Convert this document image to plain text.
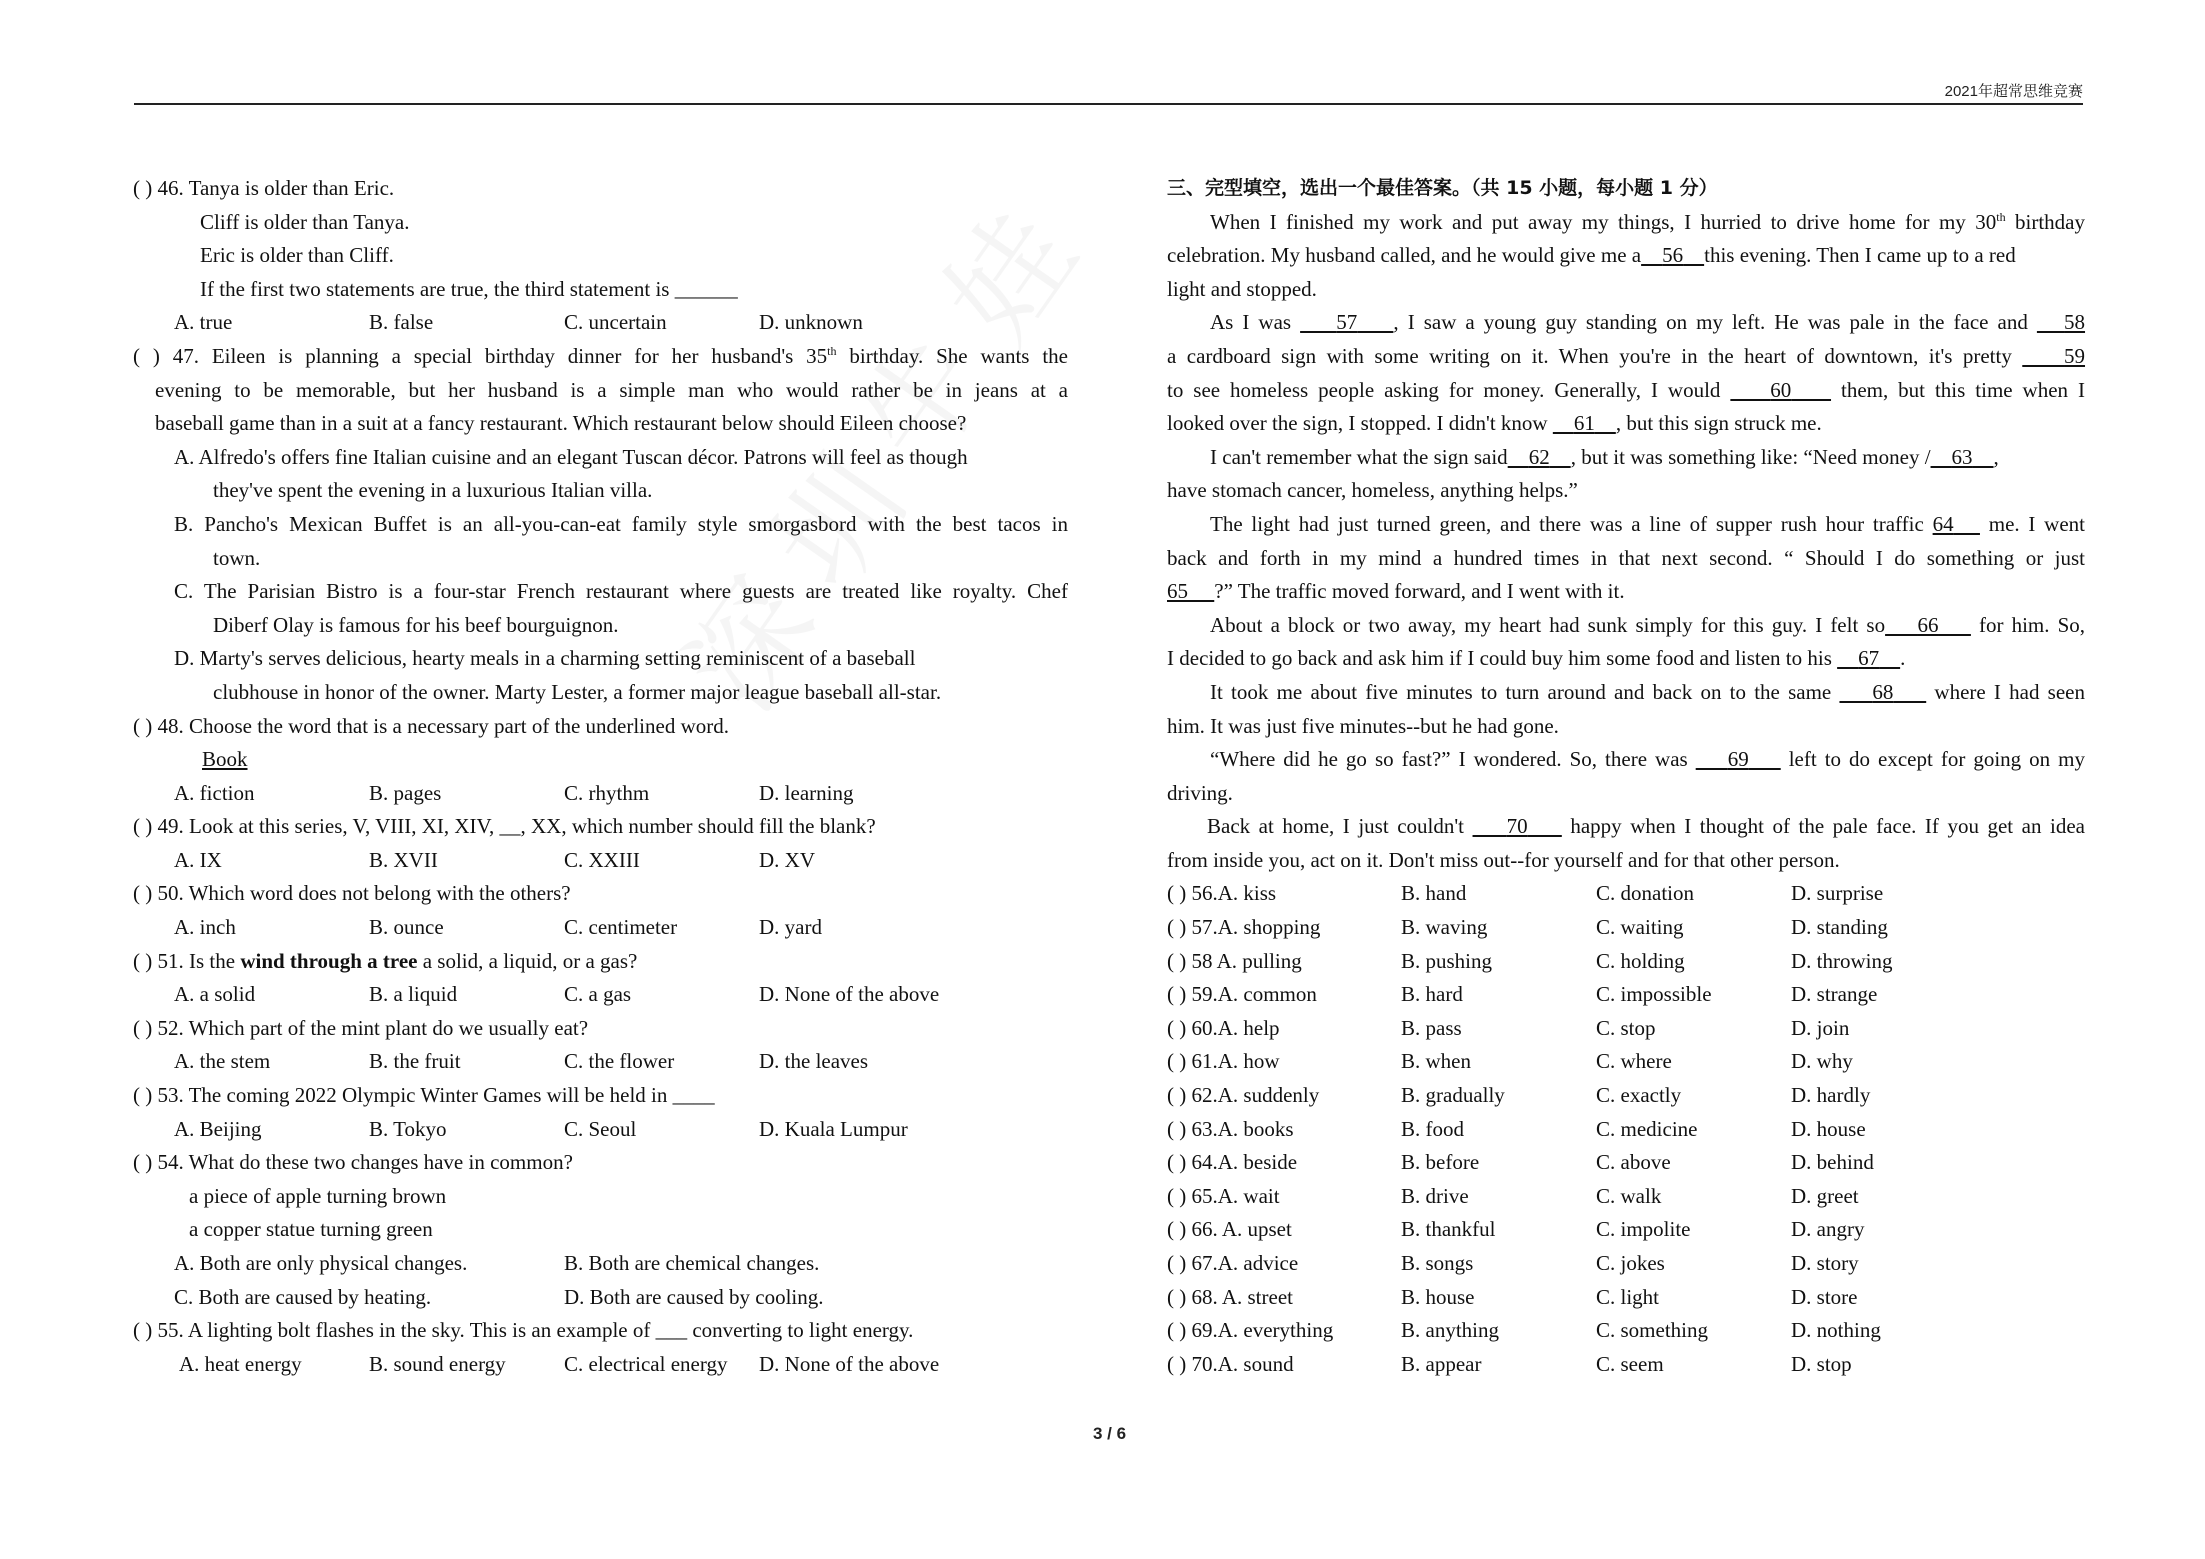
2021年超常思维竞赛
( ) 46. Tanya is older than Eric.
Cliff is older than Tanya.
Eric is older than Cliff.
If the first two statements are true, the third statement is ______
A. true	B. false	C. uncertain	D. unknown
( ) 47. Eileen is planning a special birthday dinner for her husband's 35th birthday. She wants the
evening to be memorable, but her husband is a simple man who would rather be in jeans at a
baseball game than in a suit at a fancy restaurant. Which restaurant below should Eileen choose?
A. Alfredo's offers fine Italian cuisine and an elegant Tuscan décor. Patrons will feel as though
they've spent the evening in a luxurious Italian villa.
B. Pancho's Mexican Buffet is an all-you-can-eat family style smorgasbord with the best tacos in
town.
C. The Parisian Bistro is a four-star French restaurant where guests are treated like royalty. Chef
Diberf Olay is famous for his beef bourguignon.
D. Marty's serves delicious, hearty meals in a charming setting reminiscent of a baseball
clubhouse in honor of the owner. Marty Lester, a former major league baseball all-star.
( ) 48. Choose the word that is a necessary part of the underlined word.
Book
A. fiction	B. pages	C. rhythm	D. learning
( ) 49. Look at this series, V, VIII, XI, XIV, __, XX, which number should fill the blank?
A. IX	B. XVII	C. XXIII	D. XV
( ) 50. Which word does not belong with the others?
A. inch	B. ounce	C. centimeter	D. yard
( ) 51. Is the wind through a tree a solid, a liquid, or a gas?
A. a solid	B. a liquid	C. a gas	D. None of the above
( ) 52. Which part of the mint plant do we usually eat?
A. the stem	B. the fruit	C. the flower	D. the leaves
( ) 53. The coming 2022 Olympic Winter Games will be held in ____
A. Beijing	B. Tokyo	C. Seoul	D. Kuala Lumpur
( ) 54. What do these two changes have in common?
a piece of apple turning brown
a copper statue turning green
A. Both are only physical changes.	B. Both are chemical changes.
C. Both are caused by heating.	D. Both are caused by cooling.
( ) 55. A lighting bolt flashes in the sky. This is an example of ___ converting to light energy.
A. heat energy	B. sound energy	C. electrical energy D. None of the above
三、完型填空，选出一个最佳答案。（共 15 小题，每小题 1 分）
When I finished my work and put away my things, I hurried to drive home for my 30th birthday
celebration. My husband called, and he would give me a 56 this evening. Then I came up to a red
light and stopped.
As I was     57 , I saw a young guy standing on my left. He was pale in the face and    58
a cardboard sign with some writing on it. When you're in the heart of downtown, it's pretty     59
to see homeless people asking for money. Generally, I would     60     them, but this time when I
looked over the sign, I stopped. I didn't know     61 , but this sign struck me.
I can't remember what the sign said 62 , but it was something like: “Need money / 63 ,
have stomach cancer, homeless, anything helps.”
The light had just turned green, and there was a line of supper rush hour traffic 64    me. I went
back and forth in my mind a hundred times in that next second. “ Should I do something or just
65 ?” The traffic moved forward, and I went with it.
About a block or two away, my heart had sunk simply for this guy. I felt so 66     for him. So,
I decided to go back and ask him if I could buy him some food and listen to his     67 .
It took me about five minutes to turn around and back on to the same     68     where I had seen
him. It was just five minutes--but he had gone.
“Where did he go so fast?” I wondered. So, there was     69     left to do except for going on my
driving.
Back at home, I just couldn't     70     happy when I thought of the pale face. If you get an idea
from inside you, act on it. Don't miss out--for yourself and for that other person.
( ) 56.A. kiss	B. hand	C. donation	D. surprise
( ) 57.A. shopping	B. waving	C. waiting	D. standing
( ) 58 A. pulling	B. pushing	C. holding	D. throwing
( ) 59.A. common	B. hard	C. impossible	D. strange
( ) 60.A. help	B. pass	C. stop	D. join
( ) 61.A. how	B. when	C. where	D. why
( ) 62.A. suddenly	B. gradually	C. exactly	D. hardly
( ) 63.A. books	B. food	C. medicine	D. house
( ) 64.A. beside	B. before	C. above	D. behind
( ) 65.A. wait	B. drive	C. walk	D. greet
( ) 66. A. upset	B. thankful	C. impolite	D. angry
( ) 67.A. advice	B. songs	C. jokes	D. story
( ) 68. A. street	B. house	C. light	D. store
( ) 69.A. everything	B. anything	C. something	D. nothing
( ) 70.A. sound	B. appear	C. seem	D. stop
3 / 6
